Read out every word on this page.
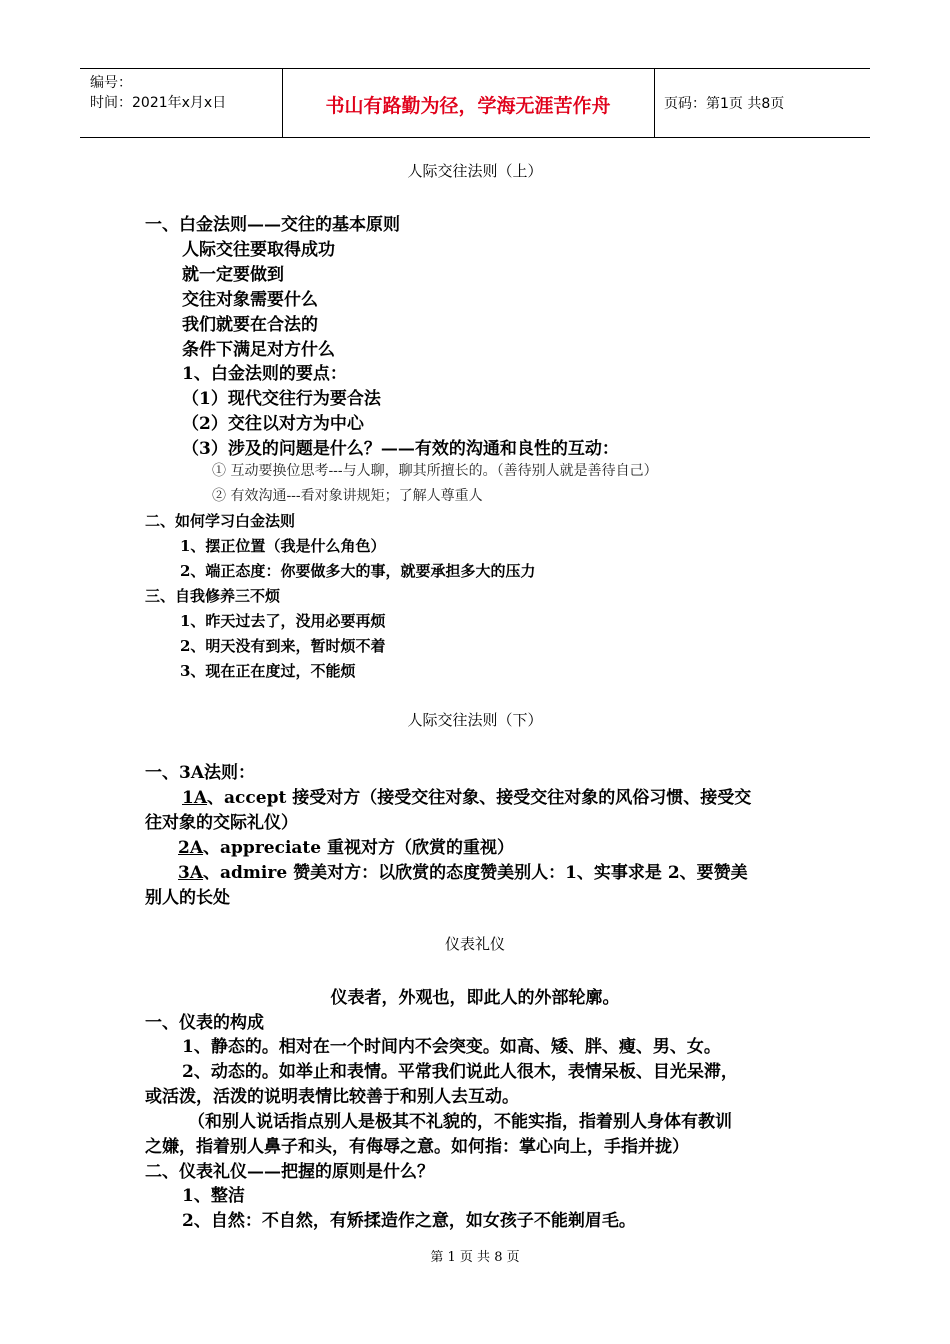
编号：
时间：2021年x月x日	书山有路勤为径，学海无涯苦作舟	页码：第1页 共8页
人际交往法则（上）
一、白金法则——交往的基本原则
人际交往要取得成功
就一定要做到
交往对象需要什么
我们就要在合法的
条件下满足对方什么
1、白金法则的要点：
（1）现代交往行为要合法
（2）交往以对方为中心
（3）涉及的问题是什么？——有效的沟通和良性的互动：
① 互动要换位思考---与人聊，聊其所擅长的。（善待别人就是善待自己）
② 有效沟通---看对象讲规矩；了解人尊重人
二、如何学习白金法则
1、摆正位置（我是什么角色）
2、端正态度：你要做多大的事，就要承担多大的压力
三、自我修养三不烦
1、昨天过去了，没用必要再烦
2、明天没有到来，暂时烦不着
3、现在正在度过，不能烦
人际交往法则（下）
一、3A法则：
1A、accept 接受对方（接受交往对象、接受交往对象的风俗习惯、接受交
往对象的交际礼仪）
2A、appreciate 重视对方（欣赏的重视）
3A、admire 赞美对方：以欣赏的态度赞美别人：1、实事求是 2、要赞美
别人的长处
仪表礼仪
仪表者，外观也，即此人的外部轮廓。
一、仪表的构成
1、静态的。相对在一个时间内不会突变。如高、矮、胖、瘦、男、女。
2、动态的。如举止和表情。平常我们说此人很木，表情呆板、目光呆滞，
或活泼，活泼的说明表情比较善于和别人去互动。
（和别人说话指点别人是极其不礼貌的，不能实指，指着别人身体有教训
之嫌，指着别人鼻子和头，有侮辱之意。如何指：掌心向上，手指并拢）
二、仪表礼仪——把握的原则是什么？
1、整洁
2、自然：不自然，有矫揉造作之意，如女孩子不能剃眉毛。
第 1 页 共 8 页
